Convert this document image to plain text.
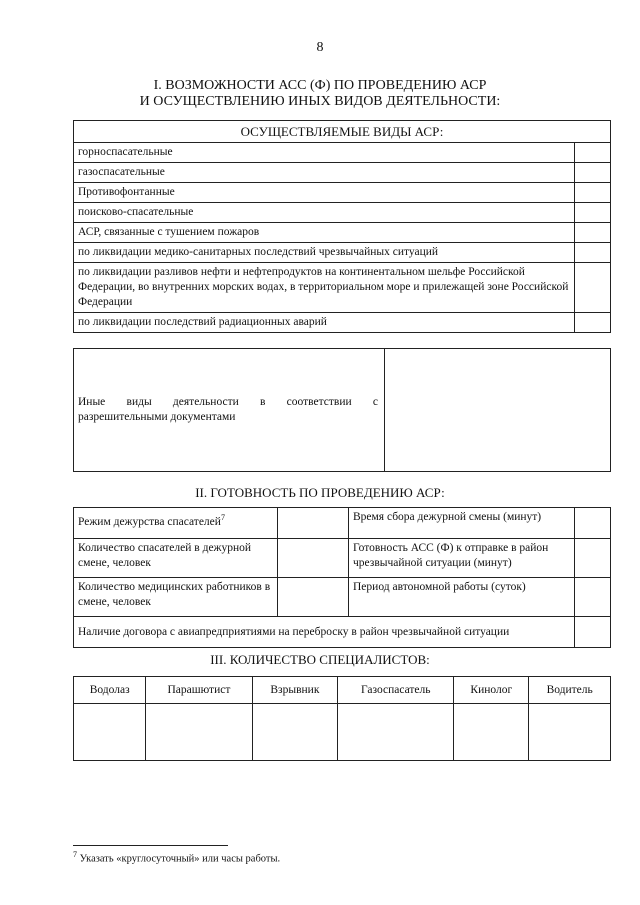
8
I. ВОЗМОЖНОСТИ АСС (Ф) ПО ПРОВЕДЕНИЮ АСР
И ОСУЩЕСТВЛЕНИЮ ИНЫХ ВИДОВ ДЕЯТЕЛЬНОСТИ:
ОСУЩЕСТВЛЯЕМЫЕ ВИДЫ АСР:	
горноспасательные	
газоспасательные	
Противофонтанные	
поисково-спасательные	
АСР, связанные с тушением пожаров	
по ликвидации медико-санитарных последствий чрезвычайных ситуаций	
по ликвидации разливов нефти и нефтепродуктов на континентальном шельфе Российской Федерации, во внутренних морских водах, в территориальном море и прилежащей зоне Российской Федерации	
по ликвидации последствий радиационных аварий	
Иные виды деятельности в соответствии с разрешительными документами	
II. ГОТОВНОСТЬ ПО ПРОВЕДЕНИЮ АСР:
Режим дежурства спасателей$^7$		Время сбора дежурной смены (минут)	
Количество спасателей в дежурной смене, человек		Готовность АСС (Ф) к отправке в район чрезвычайной ситуации (минут)	
Количество медицинских работников в смене, человек		Период автономной работы (суток)	
Наличие договора с авиапредприятиями на переброску в район чрезвычайной ситуации			
III. КОЛИЧЕСТВО СПЕЦИАЛИСТОВ:
Водолаз	Парашютист	Взрывник	Газоспасатель	Кинолог	Водитель

$^7$ Указать «круглосуточный» или часы работы.
